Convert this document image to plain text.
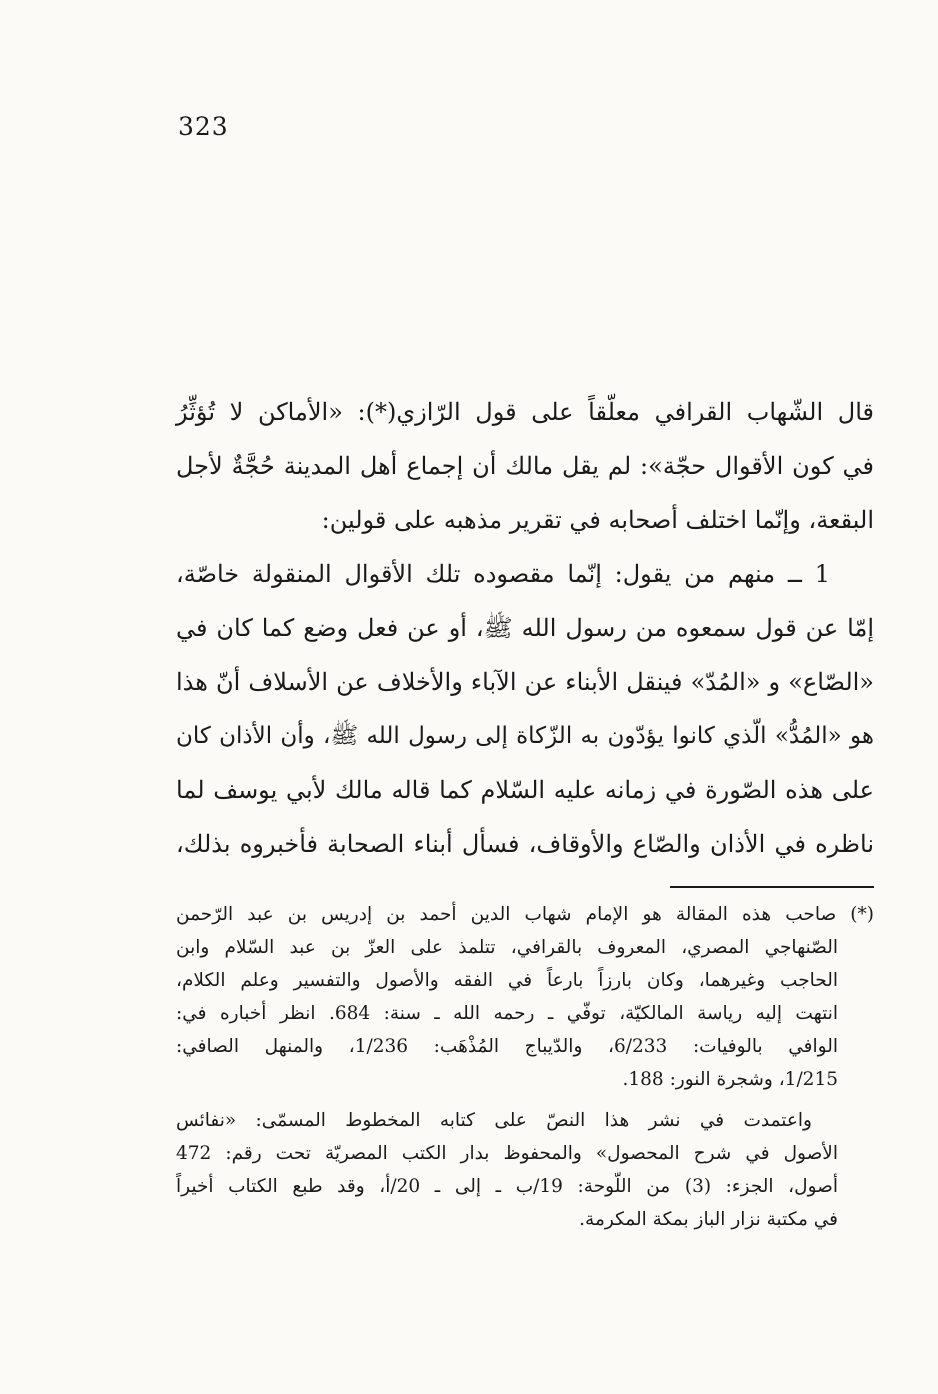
323
قال الشّهاب القرافي معلّقاً على قول الرّازي(*): «الأماكن لا تُؤثِّرُ
في كون الأقوال حجّة»: لم يقل مالك أن إجماع أهل المدينة حُجَّةٌ لأجل
البقعة، وإنّما اختلف أصحابه في تقرير مذهبه على قولين:
1 ــ منهم من يقول: إنّما مقصوده تلك الأقوال المنقولة خاصّة،
إمّا عن قول سمعوه من رسول الله ﷺ، أو عن فعل وضع كما كان في
«الصّاع» و «المُدّ» فينقل الأبناء عن الآباء والأخلاف عن الأسلاف أنّ هذا
هو «المُدُّ» الّذي كانوا يؤدّون به الزّكاة إلى رسول الله ﷺ، وأن الأذان كان
على هذه الصّورة في زمانه عليه السّلام كما قاله مالك لأبي يوسف لما
ناظره في الأذان والصّاع والأوقاف، فسأل أبناء الصحابة فأخبروه بذلك،
(*) صاحب هذه المقالة هو الإمام شهاب الدين أحمد بن إدريس بن عبد الرّحمن
الصّنهاجي المصري، المعروف بالقرافي، تتلمذ على العزّ بن عبد السّلام وابن
الحاجب وغيرهما، وكان بارزاً بارعاً في الفقه والأصول والتفسير وعلم الكلام،
انتهت إليه رياسة المالكيّة، توفّي ـ رحمه الله ـ سنة: 684. انظر أخباره في:
الوافي بالوفيات: 6/233، والدّيباج المُذْهَب: 1/236، والمنهل الصافي:
1/215، وشجرة النور: 188.
واعتمدت في نشر هذا النصّ على كتابه المخطوط المسمّى: «نفائس
الأصول في شرح المحصول» والمحفوظ بدار الكتب المصريّة تحت رقم: 472
أصول، الجزء: (3) من اللّوحة: 19/ب ـ إلى ـ 20/أ، وقد طبع الكتاب أخيراً
في مكتبة نزار الباز بمكة المكرمة.
